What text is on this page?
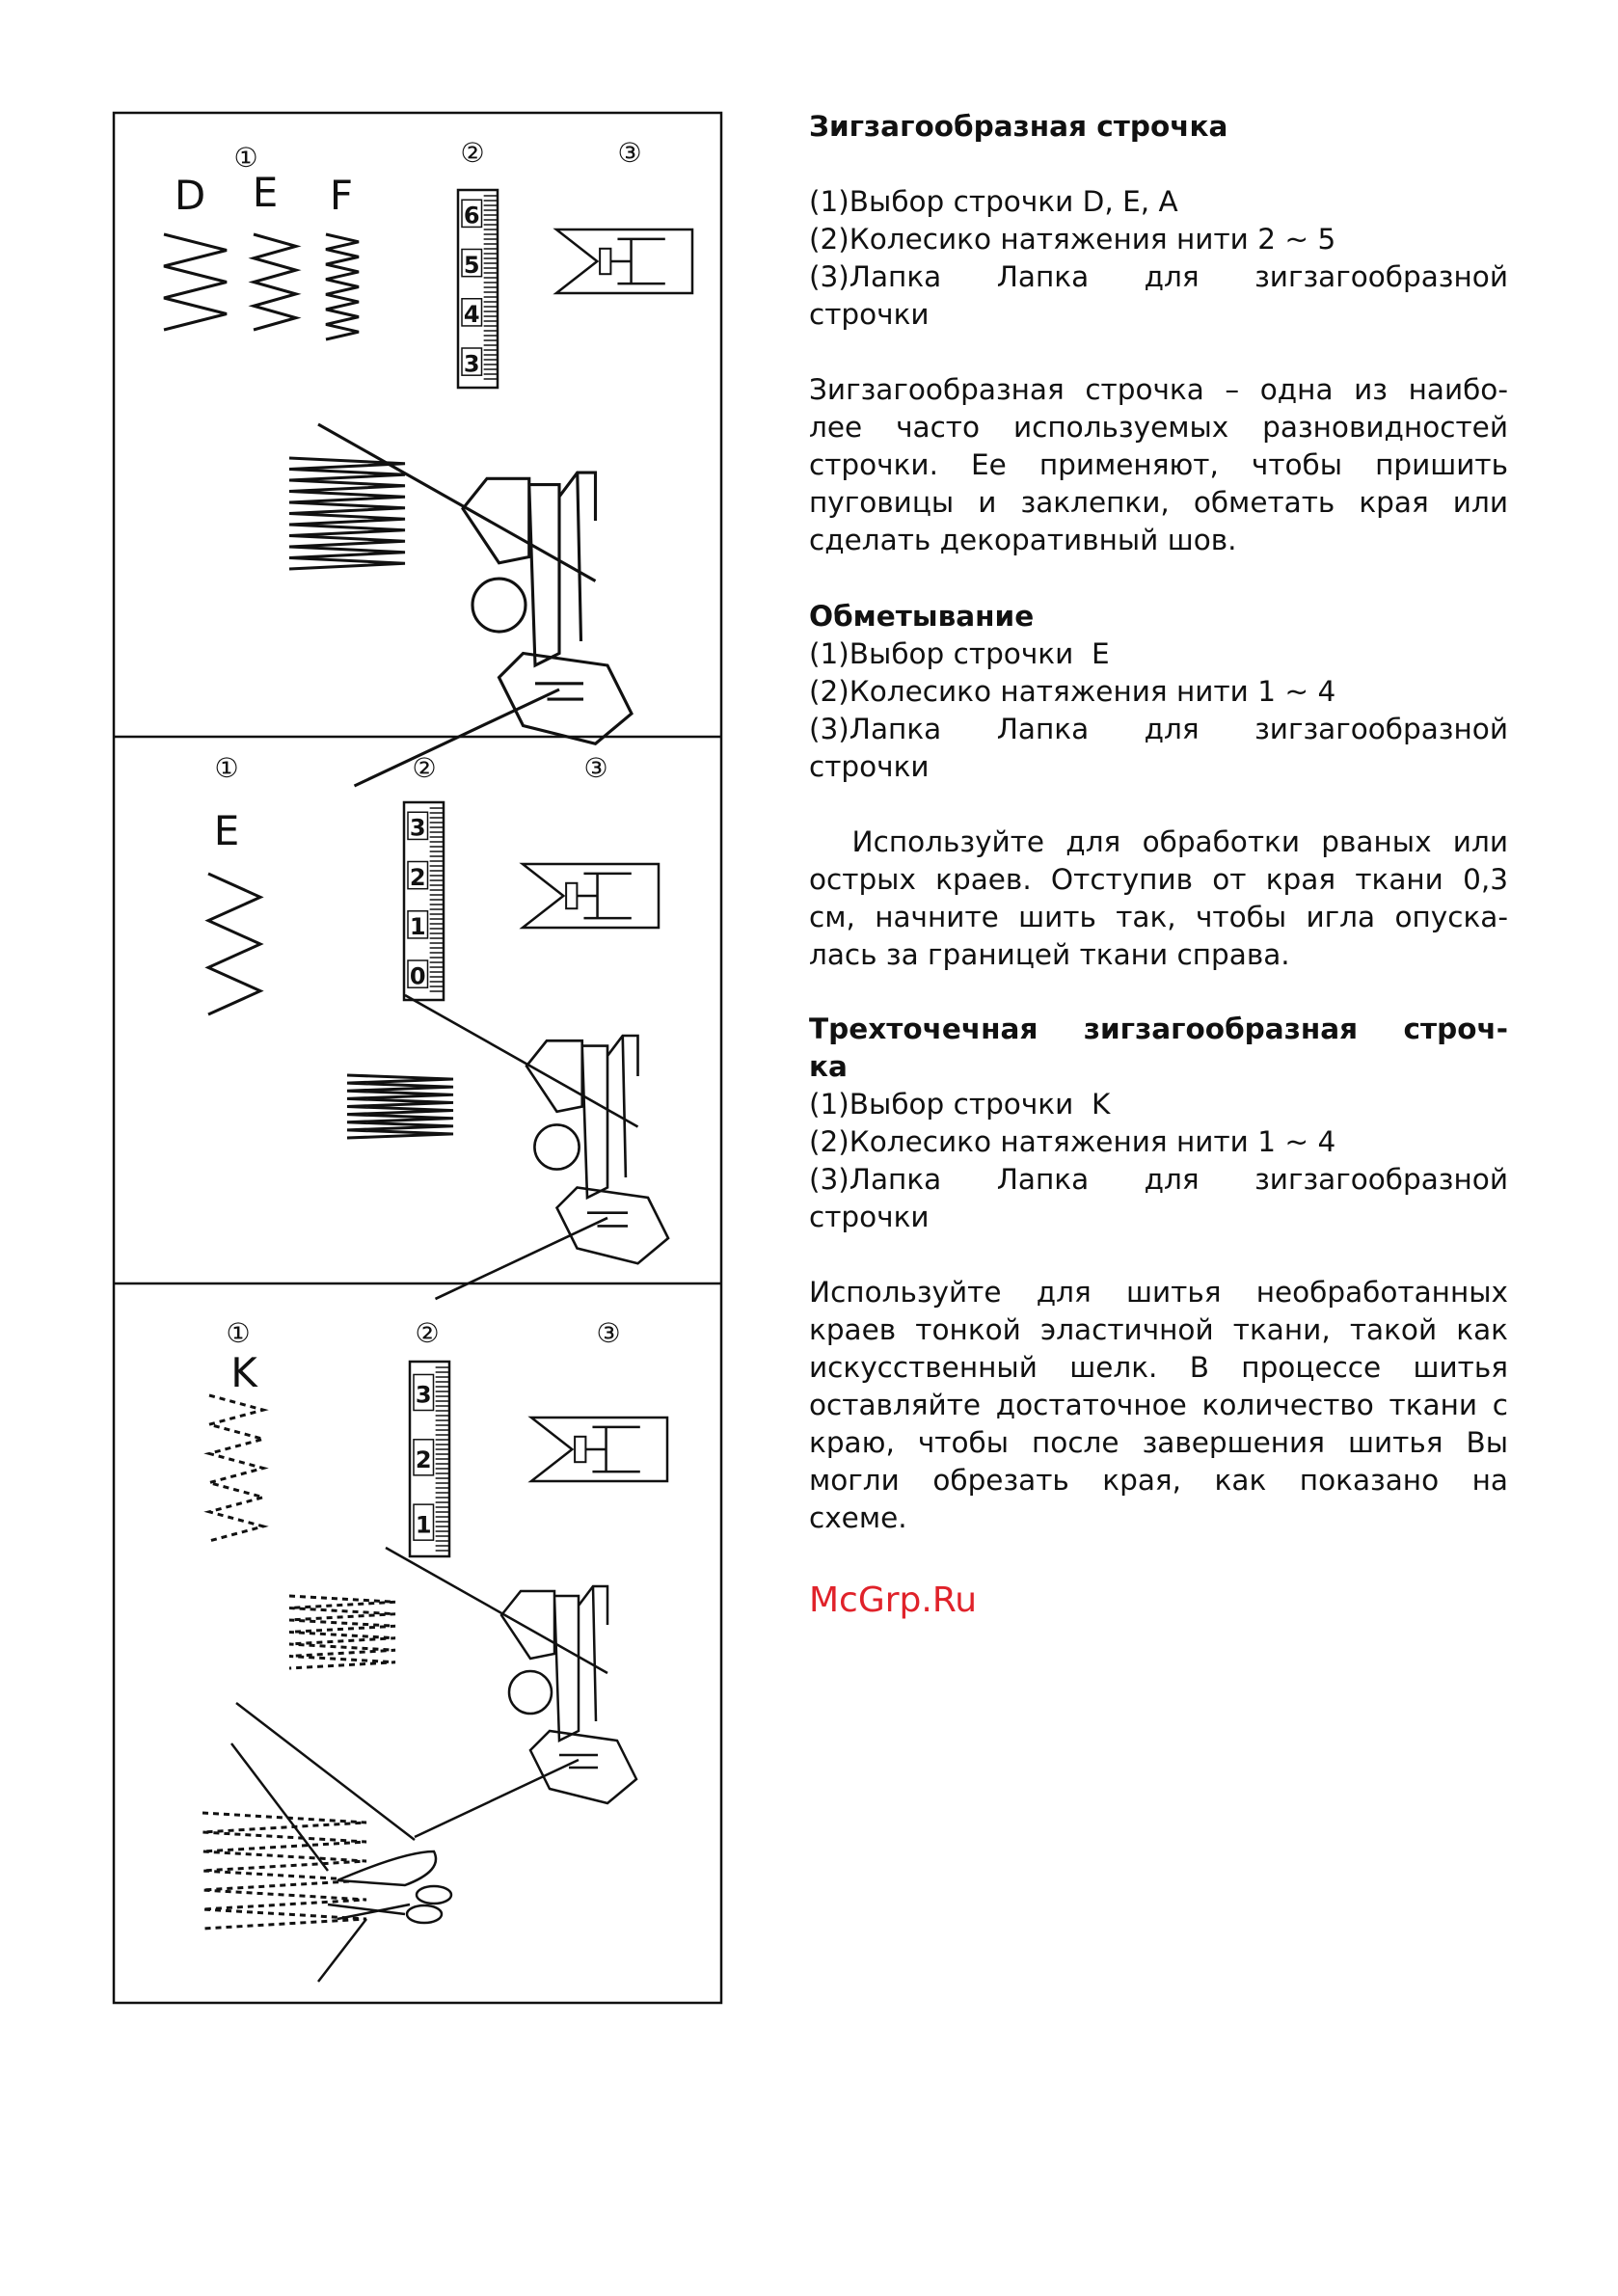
①	②	③
D E F	6
5
4
3
①	②	③
E	3
2
1
0
①	②	③
K	3
2
1

Зигзагообразная строчка

(1)Выбор строчки D, E, A

(2)Колесико натяжения нити 2 ~ 5

(3)Лапка Лапка для зигзагообразной

строчки

Зигзагообразная строчка – одна из наибо-

лее часто используемых разновидностей

строчки. Ее применяют, чтобы пришить

пуговицы и заклепки, обметать края или

сделать декоративный шов.

Обметывание

(1)Выбор строчки  E

(2)Колесико натяжения нити 1 ~ 4

(3)Лапка Лапка для зигзагообразной

строчки

Используйте для обработки рваных или

острых краев. Отступив от края ткани 0,3

см, начните шить так, чтобы игла опуска-

лась за границей ткани справа.

Трехточечная зигзагообразная строч-

ка

(1)Выбор строчки  K

(2)Колесико натяжения нити 1 ~ 4

(3)Лапка Лапка для зигзагообразной

строчки

Используйте для шитья необработанных

краев тонкой эластичной ткани, такой как

искусственный шелк. В процессе шитья

оставляйте достаточное количество ткани с

краю, чтобы после завершения шитья Вы

могли обрезать края, как показано на

схеме.

McGrp.Ru
